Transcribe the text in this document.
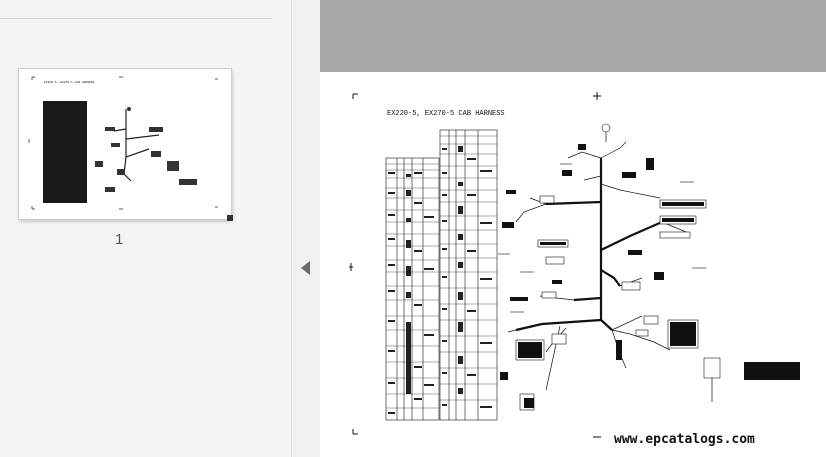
EX220-5, EX270-5 CAB HARNESS
1
EX220-5, EX270-5 CAB HARNESS
www.epcatalogs.com
